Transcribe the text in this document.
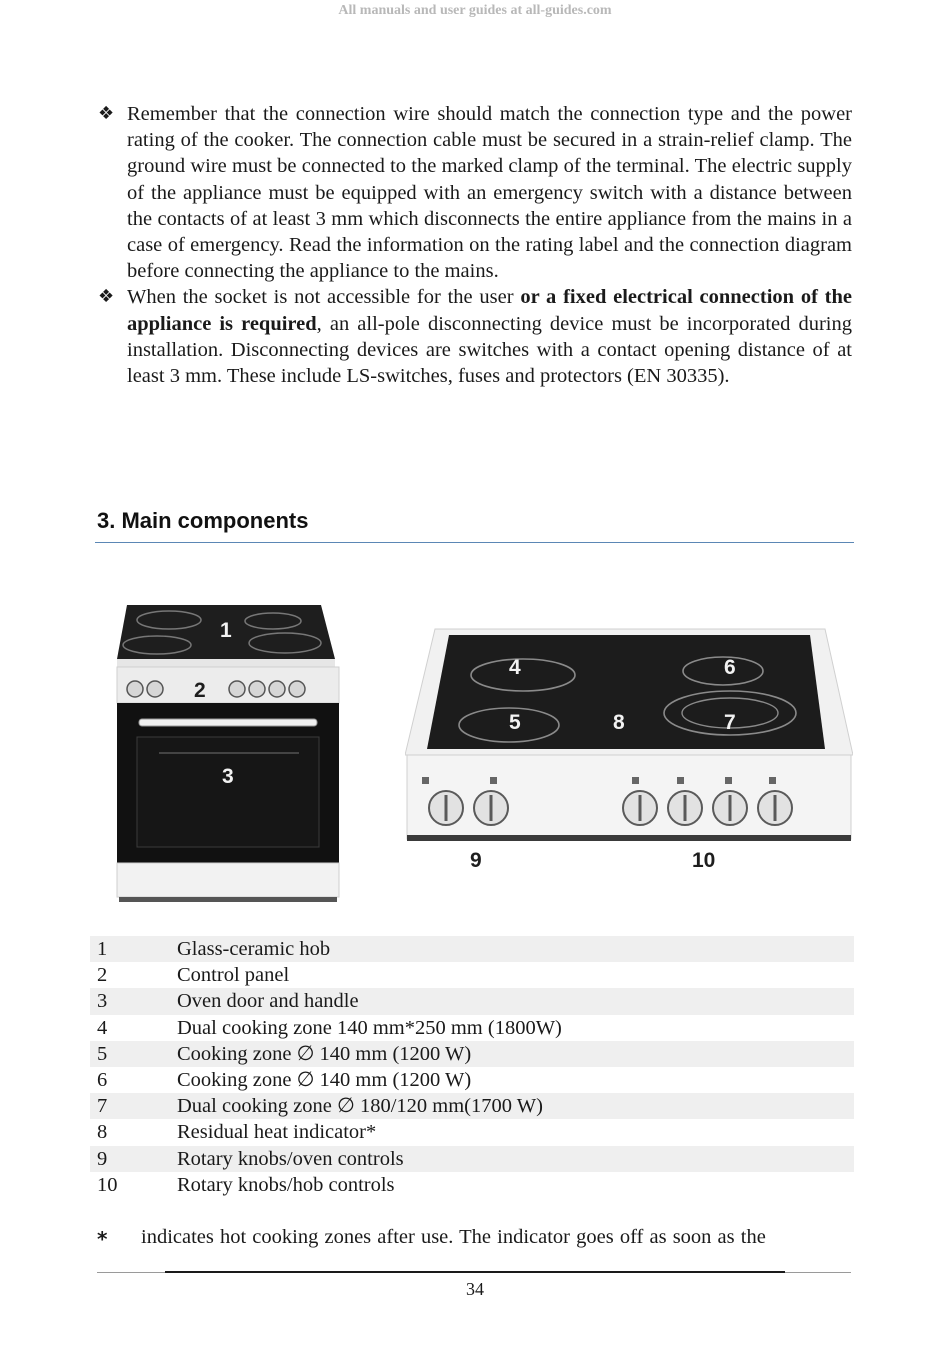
All manuals and user guides at all-guides.com
❖ Remember that the connection wire should match the connection type and the power rating of the cooker. The connection cable must be secured in a strain-relief clamp. The ground wire must be connected to the marked clamp of the terminal. The electric supply of the appliance must be equipped with an emergency switch with a distance between the contacts of at least 3 mm which disconnects the entire appliance from the mains in a case of emergency. Read the information on the rating label and the connection diagram before connecting the appliance to the mains.
❖ When the socket is not accessible for the user or a fixed electrical connection of the appliance is required, an all-pole disconnecting device must be incorporated during installation. Disconnecting devices are switches with a contact opening distance of at least 3 mm. These include LS-switches, fuses and protectors (EN 30335).
3. Main components
1
2
3
4	6
5	8	7
9	10
1	Glass-ceramic hob
2	Control panel
3	Oven door and handle
4	Dual cooking zone 140 mm*250 mm (1800W)
5	Cooking zone ∅ 140 mm (1200 W)
6	Cooking zone ∅ 140 mm (1200 W)
7	Dual cooking zone ∅ 180/120 mm(1700 W)
8	Residual heat indicator*
9	Rotary knobs/oven controls
10	Rotary knobs/hob controls
* indicates hot cooking zones after use. The indicator goes off as soon as the
34
